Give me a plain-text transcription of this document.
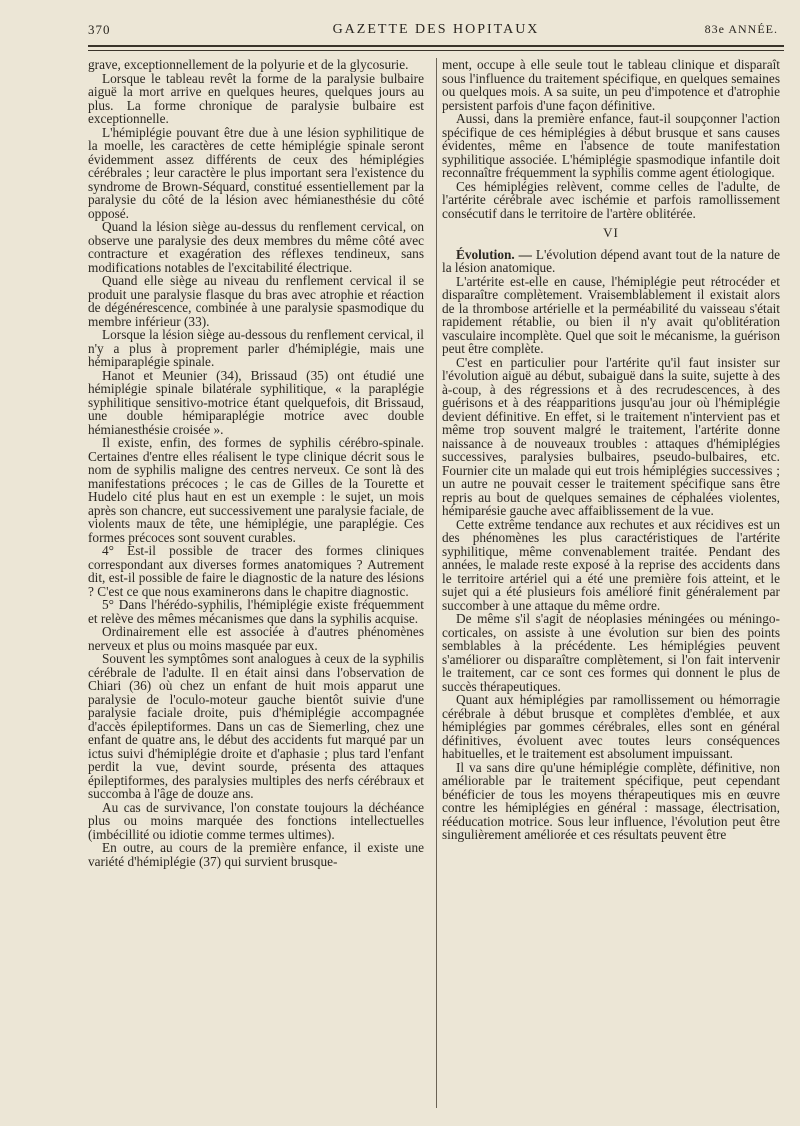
370	GAZETTE DES HOPITAUX	83e ANNÉE.

grave, exceptionnellement de la polyurie et de la glycosurie.

Lorsque le tableau revêt la forme de la paralysie bulbaire aiguë la mort arrive en quelques heures, quelques jours au plus. La forme chronique de paralysie bulbaire est exceptionnelle.

L'hémiplégie pouvant être due à une lésion syphilitique de la moelle, les caractères de cette hémiplégie spinale seront évidemment assez différents de ceux des hémiplégies cérébrales ; leur caractère le plus important sera l'existence du syndrome de Brown-Séquard, constitué essentiellement par la paralysie du côté de la lésion avec hémianesthésie du côté opposé.

Quand la lésion siège au-dessus du renflement cervical, on observe une paralysie des deux membres du même côté avec contracture et exagération des réflexes tendineux, sans modifications notables de l'excitabilité électrique.

Quand elle siège au niveau du renflement cervical il se produit une paralysie flasque du bras avec atrophie et réaction de dégénérescence, combinée à une paralysie spasmodique du membre inférieur (33).

Lorsque la lésion siège au-dessous du renflement cervical, il n'y a plus à proprement parler d'hémiplégie, mais une hémiparaplégie spinale.

Hanot et Meunier (34), Brissaud (35) ont étudié une hémiplégie spinale bilatérale syphilitique, « la paraplégie syphilitique sensitivo-motrice étant quelquefois, dit Brissaud, une double hémiparaplégie motrice avec double hémianesthésie croisée ».

Il existe, enfin, des formes de syphilis cérébro-spinale. Certaines d'entre elles réalisent le type clinique décrit sous le nom de syphilis maligne des centres nerveux. Ce sont là des manifestations précoces ; le cas de Gilles de la Tourette et Hudelo cité plus haut en est un exemple : le sujet, un mois après son chancre, eut successivement une paralysie faciale, de violents maux de tête, une hémiplégie, une paraplégie. Ces formes précoces sont souvent curables.

4° Est-il possible de tracer des formes cliniques correspondant aux diverses formes anatomiques ? Autrement dit, est-il possible de faire le diagnostic de la nature des lésions ? C'est ce que nous examinerons dans le chapitre diagnostic.

5° Dans l'hérédo-syphilis, l'hémiplégie existe fréquemment et relève des mêmes mécanismes que dans la syphilis acquise.

Ordinairement elle est associée à d'autres phénomènes nerveux et plus ou moins masquée par eux.

Souvent les symptômes sont analogues à ceux de la syphilis cérébrale de l'adulte. Il en était ainsi dans l'observation de Chiari (36) où chez un enfant de huit mois apparut une paralysie de l'oculo-moteur gauche bientôt suivie d'une paralysie faciale droite, puis d'hémiplégie accompagnée d'accès épileptiformes. Dans un cas de Siemerling, chez une enfant de quatre ans, le début des accidents fut marqué par un ictus suivi d'hémiplégie droite et d'aphasie ; plus tard l'enfant perdit la vue, devint sourde, présenta des attaques épileptiformes, des paralysies multiples des nerfs cérébraux et succomba à l'âge de douze ans.

Au cas de survivance, l'on constate toujours la déchéance plus ou moins marquée des fonctions intellectuelles (imbécillité ou idiotie comme termes ultimes).

En outre, au cours de la première enfance, il existe une variété d'hémiplégie (37) qui survient brusque-

ment, occupe à elle seule tout le tableau clinique et disparaît sous l'influence du traitement spécifique, en quelques semaines ou quelques mois. A sa suite, un peu d'impotence et d'atrophie persistent parfois d'une façon définitive.

Aussi, dans la première enfance, faut-il soupçonner l'action spécifique de ces hémiplégies à début brusque et sans causes évidentes, même en l'absence de toute manifestation syphilitique associée. L'hémiplégie spasmodique infantile doit reconnaître fréquemment la syphilis comme agent étiologique.

Ces hémiplégies relèvent, comme celles de l'adulte, de l'artérite cérébrale avec ischémie et parfois ramollissement consécutif dans le territoire de l'artère oblitérée.

VI

Évolution. — L'évolution dépend avant tout de la nature de la lésion anatomique.

L'artérite est-elle en cause, l'hémiplégie peut rétrocéder et disparaître complètement. Vraisemblablement il existait alors de la thrombose artérielle et la perméabilité du vaisseau s'était rapidement rétablie, ou bien il n'y avait qu'oblitération vasculaire incomplète. Quel que soit le mécanisme, la guérison peut être complète.

C'est en particulier pour l'artérite qu'il faut insister sur l'évolution aiguë au début, subaiguë dans la suite, sujette à des à-coup, à des régressions et à des recrudescences, à des guérisons et à des réapparitions jusqu'au jour où l'hémiplégie devient définitive. En effet, si le traitement n'intervient pas et même trop souvent malgré le traitement, l'artérite donne naissance à de nouveaux troubles : attaques d'hémiplégies successives, paralysies bulbaires, pseudo-bulbaires, etc. Fournier cite un malade qui eut trois hémiplégies successives ; un autre ne pouvait cesser le traitement spécifique sans être repris au bout de quelques semaines de céphalées violentes, hémiparésie gauche avec affaiblissement de la vue.

Cette extrême tendance aux rechutes et aux récidives est un des phénomènes les plus caractéristiques de l'artérite syphilitique, même convenablement traitée. Pendant des années, le malade reste exposé à la reprise des accidents dans le territoire artériel qui a été une première fois atteint, et le sujet qui a été plusieurs fois amélioré finit généralement par succomber à une attaque du même ordre.

De même s'il s'agit de néoplasies méningées ou méningo-corticales, on assiste à une évolution sur bien des points semblables à la précédente. Les hémiplégies peuvent s'améliorer ou disparaître complètement, si l'on fait intervenir le traitement, car ce sont ces formes qui donnent le plus de succès thérapeutiques.

Quant aux hémiplégies par ramollissement ou hémorragie cérébrale à début brusque et complètes d'emblée, et aux hémiplégies par gommes cérébrales, elles sont en général définitives, évoluent avec toutes leurs conséquences habituelles, et le traitement est absolument impuissant.

Il va sans dire qu'une hémiplégie complète, définitive, non améliorable par le traitement spécifique, peut cependant bénéficier de tous les moyens thérapeutiques mis en œuvre contre les hémiplégies en général : massage, électrisation, rééducation motrice. Sous leur influence, l'évolution peut être singulièrement améliorée et ces résultats peuvent être
